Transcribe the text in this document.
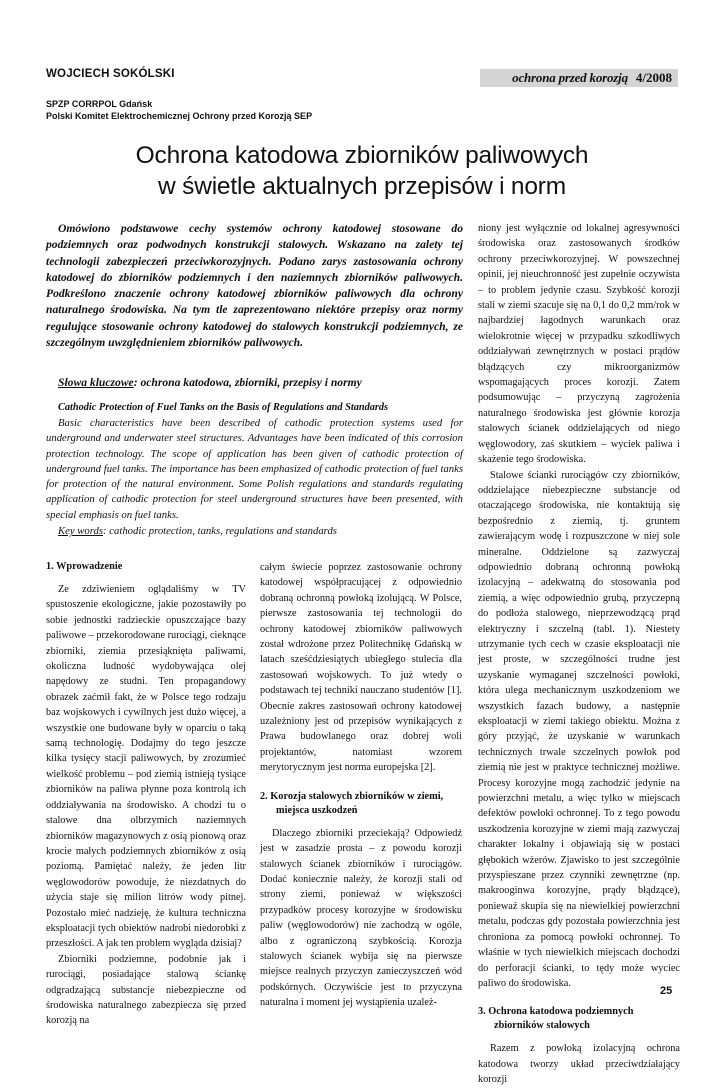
WOJCIECH SOKÓLSKI	ochrona przed korozją 4/2008
SPZP CORRPOL Gdańsk
Polski Komitet Elektrochemicznej Ochrony przed Korozją SEP
Ochrona katodowa zbiorników paliwowych
w świetle aktualnych przepisów i norm
Omówiono podstawowe cechy systemów ochrony katodowej stosowane do podziemnych oraz podwodnych konstrukcji stalowych. Wskazano na zalety tej technologii zabezpieczeń przeciwkorozyjnych. Podano zarys zastosowania ochrony katodowej do zbiorników podziemnych i den naziemnych zbiorników paliwowych. Podkreślono znaczenie ochrony katodowej zbiorników paliwowych dla ochrony naturalnego środowiska. Na tym tle zaprezentowano niektóre przepisy oraz normy regulujące stosowanie ochrony katodowej do stalowych konstrukcji podziemnych, ze szczególnym uwzględnieniem zbiorników paliwowych.
Słowa kluczowe: ochrona katodowa, zbiorniki, przepisy i normy
Cathodic Protection of Fuel Tanks on the Basis of Regulations and Standards
Basic characteristics have been described of cathodic protection systems used for underground and underwater steel structures. Advantages have been indicated of this corrosion protection technology. The scope of application has been given of cathodic protection of underground fuel tanks. The importance has been emphasized of cathodic protection of fuel tanks for protection of the natural environment. Some Polish regulations and standards regulating application of cathodic protection for steel underground structures have been presented, with special emphasis on fuel tanks.
Key words: cathodic protection, tanks, regulations and standards
1. Wprowadzenie

Ze zdziwieniem oglądaliśmy w TV spustoszenie ekologiczne, jakie pozostawiły po sobie jednostki radzieckie opuszczające bazy paliwowe – przekorodowane rurociągi, cieknące zbiorniki, ziemia przesiąknięta paliwami, okoliczna ludność wydobywająca olej napędowy ze studni. Ten propagandowy obrazek zaćmił fakt, że w Polsce tego rodzaju baz wojskowych i cywilnych jest dużo więcej, a wszystkie one budowane były w oparciu o taką samą technologię. Dodajmy do tego jeszcze kilka tysięcy stacji paliwowych, by zrozumieć wielkość problemu – pod ziemią istnieją tysiące zbiorników na paliwa płynne poza kontrolą ich oddziaływania na środowisko. A chodzi tu o stalowe dna olbrzymich naziemnych zbiorników magazynowych z osią pionową oraz krocie małych podziemnych zbiorników z osią poziomą. Pamiętać należy, że jeden litr węglowodorów powoduje, że niezdatnych do użycia staje się milion litrów wody pitnej. Pozostało mieć nadzieję, że kultura techniczna eksploatacji tych obiektów nadrobi niedorobki z przeszłości. A jak ten problem wygląda dzisiaj?

Zbiorniki podziemne, podobnie jak i rurociągi, posiadające stalową ściankę odgradzającą substancje niebezpieczne od środowiska naturalnego zabezpiecza się przed korozją na

całym świecie poprzez zastosowanie ochrony katodowej współpracującej z odpowiednio dobraną ochronną powłoką izolującą. W Polsce, pierwsze zastosowania tej technologii do ochrony katodowej zbiorników paliwowych został wdrożone przez Politechnikę Gdańską w latach sześćdziesiątych ubiegłego stulecia dla zastosowań wojskowych. To już wtedy o podstawach tej techniki nauczano studentów [1]. Obecnie zakres zastosowań ochrony katodowej uzależniony jest od przepisów wynikających z Prawa budowlanego oraz dobrej woli projektantów, natomiast wzorem merytorycznym jest norma europejska [2].

2. Korozja stalowych zbiorników w ziemi,
miejsca uszkodzeń

Dlaczego zbiorniki przeciekają? Odpowiedź jest w zasadzie prosta – z powodu korozji stalowych ścianek zbiorników i rurociągów. Dodać koniecznie należy, że korozji stali od strony ziemi, ponieważ w większości przypadków procesy korozyjne w środowisku paliw (węglowodorów) nie zachodzą w ogóle, albo z ograniczoną szybkością. Korozja stalowych ścianek wybija się na pierwsze miejsce realnych przyczyn zanieczyszczeń wód podskórnych. Oczywiście jest to przyczyna naturalna i moment jej wystąpienia uzależ-

niony jest wyłącznie od lokalnej agresywności środowiska oraz zastosowanych środków ochrony przeciwkorozyjnej. W powszechnej opinii, jej nieuchronność jest zupełnie oczywista – to problem jedynie czasu. Szybkość korozji stali w ziemi szacuje się na 0,1 do 0,2 mm/rok w najbardziej łagodnych warunkach oraz wielokrotnie więcej w przypadku szkodliwych oddziaływań zewnętrznych w postaci prądów błądzących czy mikroorganizmów wspomagających proces korozji. Zatem podsumowując – przyczyną zagrożenia naturalnego środowiska jest głównie korozja stalowych ścianek oddzielających od niego węglowodory, zaś skutkiem – wyciek paliwa i skażenie tego środowiska.

Stalowe ścianki rurociągów czy zbiorników, oddzielające niebezpieczne substancje od otaczającego środowiska, nie kontaktują się bezpośrednio z ziemią, tj. gruntem zawierającym wodę i rozpuszczone w niej sole mineralne. Oddzielone są zazwyczaj odpowiednio dobraną ochronną powłoką izolacyjną – adekwatną do stosowania pod ziemią, a więc odpowiednio grubą, przyczepną do podłoża stalowego, nieprzewodzącą prąd elektryczny i szczelną (tabl. 1). Niestety utrzymanie tych cech w czasie eksploatacji nie jest proste, w szczególności trudne jest uzyskanie wymaganej szczelności powłoki, która ulega mechanicznym uszkodzeniom we wszystkich fazach budowy, a następnie eksploatacji w ziemi takiego obiektu. Można z góry przyjąć, że uzyskanie w warunkach technicznych trwale szczelnych powłok pod ziemią nie jest w praktyce technicznej możliwe. Procesy korozyjne mogą zachodzić jedynie na powierzchni metalu, a więc tylko w miejscach defektów powłoki ochronnej. To z tego powodu uszkodzenia korozyjne w ziemi mają zazwyczaj charakter lokalny i objawiają się w postaci głębokich wżerów. Zjawisko to jest szczególnie przyspieszane przez czynniki zewnętrzne (np. makrooginwa korozyjne, prądy błądzące), ponieważ skupia się na niewielkiej powierzchni metalu, podczas gdy pozostała powierzchnia jest chroniona za pomocą powłoki ochronnej. To właśnie w tych niewielkich miejscach dochodzi do perforacji ścianki, to tędy może wyciec paliwo do środowiska.

3. Ochrona katodowa podziemnych
zbiorników stalowych

Razem z powłoką izolacyjną ochrona katodowa tworzy układ przeciwdziałający korozji

25
